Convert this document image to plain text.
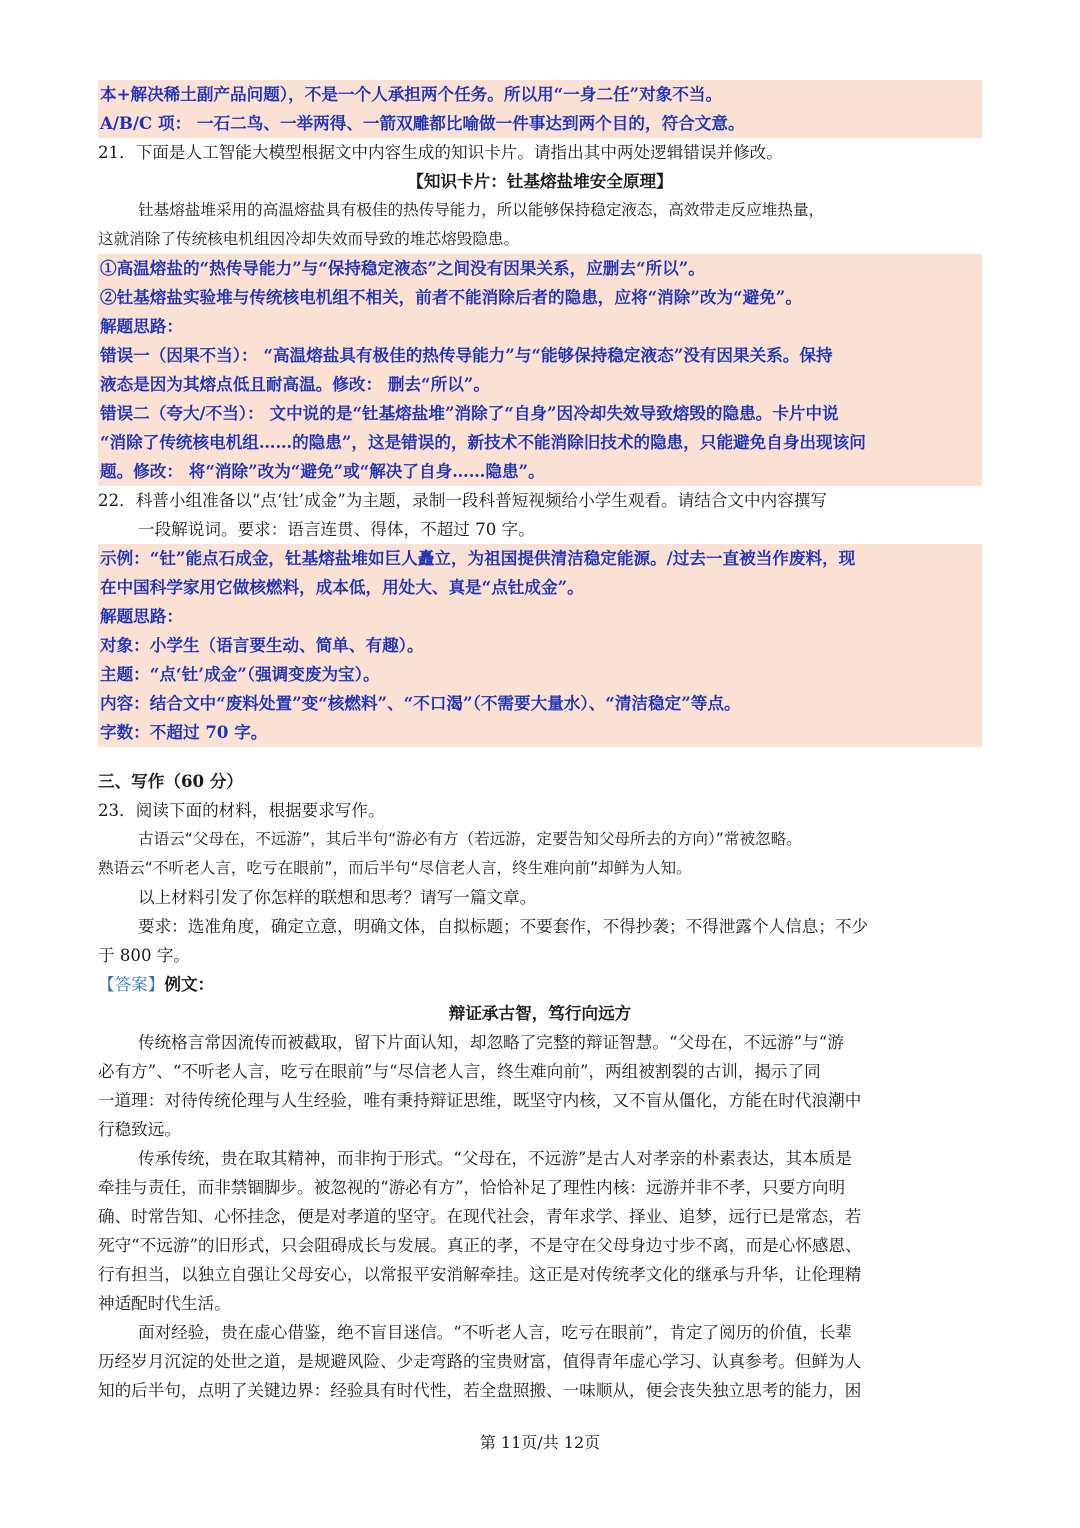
本+解决稀土副产品问题），不是一个人承担两个任务。所以用“一身二任”对象不当。
A/B/C 项： 一石二鸟、一举两得、一箭双雕都比喻做一件事达到两个目的，符合文意。
21．下面是人工智能大模型根据文中内容生成的知识卡片。请指出其中两处逻辑错误并修改。
【知识卡片：钍基熔盐堆安全原理】
钍基熔盐堆采用的高温熔盐具有极佳的热传导能力，所以能够保持稳定液态，高效带走反应堆热量，
这就消除了传统核电机组因冷却失效而导致的堆芯熔毁隐患。
①高温熔盐的“热传导能力”与“保持稳定液态”之间没有因果关系，应删去“所以”。
②钍基熔盐实验堆与传统核电机组不相关，前者不能消除后者的隐患，应将“消除”改为“避免”。
解题思路：
错误一（因果不当）： “高温熔盐具有极佳的热传导能力”与“能够保持稳定液态”没有因果关系。保持
液态是因为其熔点低且耐高温。修改： 删去“所以”。
错误二（夸大/不当）： 文中说的是“钍基熔盐堆”消除了“自身”因冷却失效导致熔毁的隐患。卡片中说
“消除了传统核电机组……的隐患”，这是错误的，新技术不能消除旧技术的隐患，只能避免自身出现该问
题。修改： 将“消除”改为“避免”或“解决了自身……隐患”。
22．科普小组准备以“点‘钍’成金”为主题，录制一段科普短视频给小学生观看。请结合文中内容撰写
一段解说词。要求：语言连贯、得体，不超过 70 字。
示例：“钍”能点石成金，钍基熔盐堆如巨人矗立，为祖国提供清洁稳定能源。/过去一直被当作废料，现
在中国科学家用它做核燃料，成本低，用处大、真是“点钍成金”。
解题思路：
对象：小学生（语言要生动、简单、有趣）。
主题：“点‘钍’成金”（强调变废为宝）。
内容：结合文中“废料处置”变“核燃料”、“不口渴”（不需要大量水）、“清洁稳定”等点。
字数：不超过 70 字。
三、写作（60 分）
23．阅读下面的材料，根据要求写作。
古语云“父母在，不远游”，其后半句“游必有方（若远游，定要告知父母所去的方向）”常被忽略。
熟语云“不听老人言，吃亏在眼前”，而后半句“尽信老人言，终生难向前”却鲜为人知。
以上材料引发了你怎样的联想和思考？请写一篇文章。
要求：选准角度，确定立意，明确文体，自拟标题；不要套作，不得抄袭；不得泄露个人信息；不少
于 800 字。
【答案】例文：
辩证承古智，笃行向远方
传统格言常因流传而被截取，留下片面认知，却忽略了完整的辩证智慧。“父母在，不远游”与“游
必有方”、“不听老人言，吃亏在眼前”与“尽信老人言，终生难向前”，两组被割裂的古训，揭示了同
一道理：对待传统伦理与人生经验，唯有秉持辩证思维，既坚守内核，又不盲从僵化，方能在时代浪潮中
行稳致远。
传承传统，贵在取其精神，而非拘于形式。“父母在，不远游”是古人对孝亲的朴素表达，其本质是
牵挂与责任，而非禁锢脚步。被忽视的“游必有方”，恰恰补足了理性内核：远游并非不孝，只要方向明
确、时常告知、心怀挂念，便是对孝道的坚守。在现代社会，青年求学、择业、追梦，远行已是常态，若
死守“不远游”的旧形式，只会阻碍成长与发展。真正的孝，不是守在父母身边寸步不离，而是心怀感恩、
行有担当，以独立自强让父母安心，以常报平安消解牵挂。这正是对传统孝文化的继承与升华，让伦理精
神适配时代生活。
面对经验，贵在虚心借鉴，绝不盲目迷信。“不听老人言，吃亏在眼前”，肯定了阅历的价值，长辈
历经岁月沉淀的处世之道，是规避风险、少走弯路的宝贵财富，值得青年虚心学习、认真参考。但鲜为人
知的后半句，点明了关键边界：经验具有时代性，若全盘照搬、一味顺从，便会丧失独立思考的能力，困
第 11页/共 12页
